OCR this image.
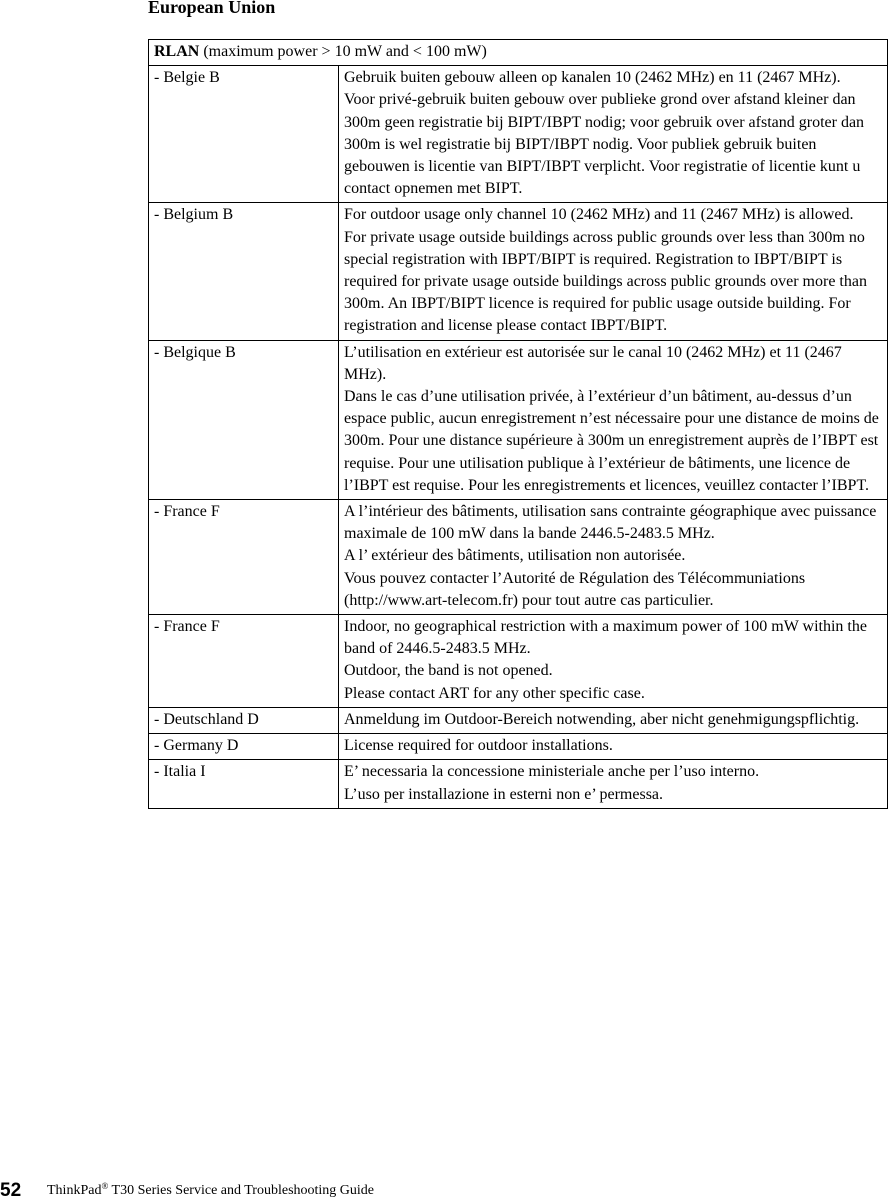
European Union
RLAN (maximum power > 10 mW and < 100 mW)	
- Belgie B	Gebruik buiten gebouw alleen op kanalen 10 (2462 MHz) en 11 (2467 MHz).
Voor privé-gebruik buiten gebouw over publieke grond over afstand kleiner dan 300m geen registratie bij BIPT/IBPT nodig; voor gebruik over afstand groter dan 300m is wel registratie bij BIPT/IBPT nodig. Voor publiek gebruik buiten gebouwen is licentie van BIPT/IBPT verplicht. Voor registratie of licentie kunt u contact opnemen met BIPT.

- Belgium B	For outdoor usage only channel 10 (2462 MHz) and 11 (2467 MHz) is allowed.
For private usage outside buildings across public grounds over less than 300m no special registration with IBPT/BIPT is required. Registration to IBPT/BIPT is required for private usage outside buildings across public grounds over more than 300m. An IBPT/BIPT licence is required for public usage outside building. For registration and license please contact IBPT/BIPT.

- Belgique B	L’utilisation en extérieur est autorisée sur le canal 10 (2462 MHz) et 11 (2467 MHz).
Dans le cas d’une utilisation privée, à l’extérieur d’un bâtiment, au-dessus d’un espace public, aucun enregistrement n’est nécessaire pour une distance de moins de 300m. Pour une distance supérieure à 300m un enregistrement auprès de l’IBPT est requise. Pour une utilisation publique à l’extérieur de bâtiments, une licence de l’IBPT est requise. Pour les enregistrements et licences, veuillez contacter l’IBPT.

- France F	A l’intérieur des bâtiments, utilisation sans contrainte géographique avec puissance maximale de 100 mW dans la bande 2446.5-2483.5 MHz.
A l’ extérieur des bâtiments, utilisation non autorisée.
Vous pouvez contacter l’Autorité de Régulation des Télécommuniations (http://www.art-telecom.fr) pour tout autre cas particulier.

- France F	Indoor, no geographical restriction with a maximum power of 100 mW within the band of 2446.5-2483.5 MHz.
Outdoor, the band is not opened.
Please contact ART for any other specific case.

- Deutschland D	Anmeldung im Outdoor-Bereich notwending, aber nicht genehmigungspflichtig.

- Germany D	License required for outdoor installations.

- Italia I	E’ necessaria la concessione ministeriale anche per l’uso interno.
L’uso per installazione in esterni non e’ permessa.
52 ThinkPad® T30 Series Service and Troubleshooting Guide
